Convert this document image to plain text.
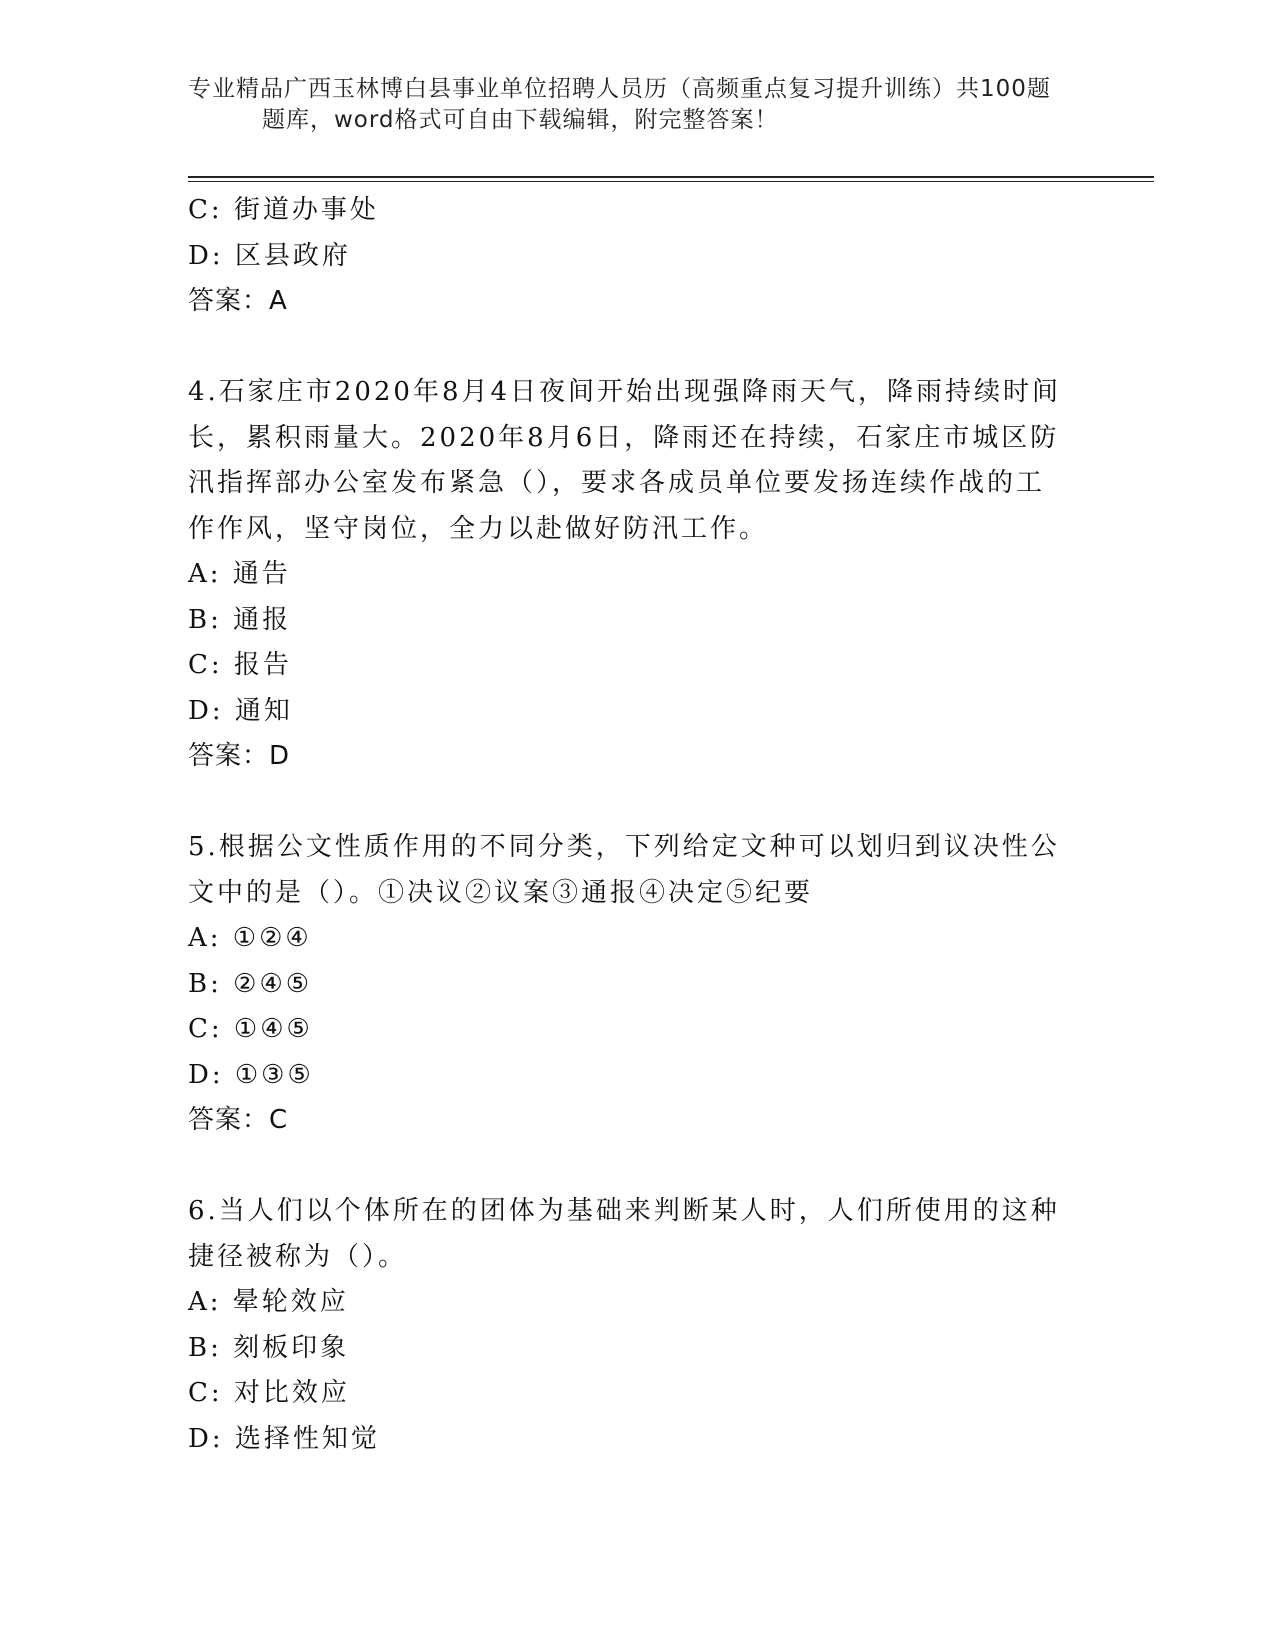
专业精品广西玉林博白县事业单位招聘人员历（高频重点复习提升训练）共100题
题库，word格式可自由下载编辑，附完整答案！
C: 街道办事处
D: 区县政府
答案：A
4.石家庄市2020年8月4日夜间开始出现强降雨天气，降雨持续时间
长，累积雨量大。2020年8月6日，降雨还在持续，石家庄市城区防
汛指挥部办公室发布紧急（），要求各成员单位要发扬连续作战的工
作作风，坚守岗位，全力以赴做好防汛工作。
A: 通告
B: 通报
C: 报告
D: 通知
答案：D
5.根据公文性质作用的不同分类，下列给定文种可以划归到议决性公
文中的是（）。①决议②议案③通报④决定⑤纪要
A: ①②④
B: ②④⑤
C: ①④⑤
D: ①③⑤
答案：C
6.当人们以个体所在的团体为基础来判断某人时，人们所使用的这种
捷径被称为（）。
A: 晕轮效应
B: 刻板印象
C: 对比效应
D: 选择性知觉
